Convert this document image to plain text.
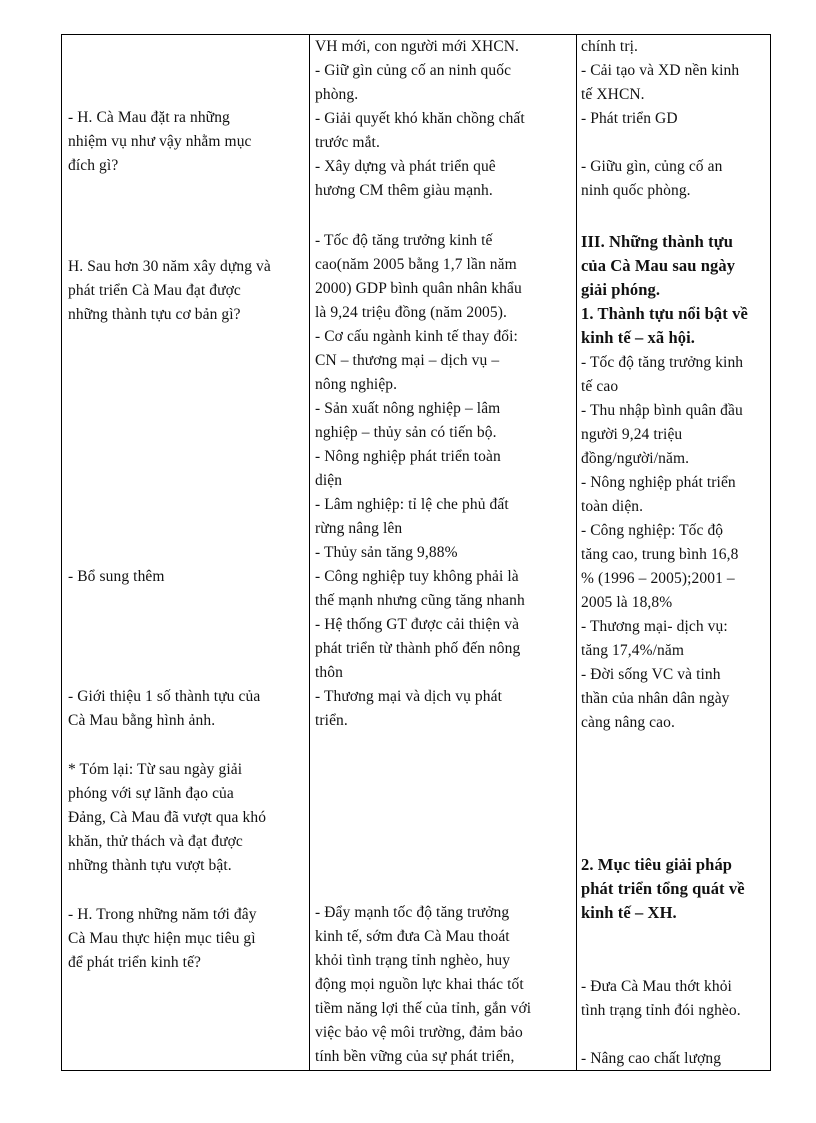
- H. Cà Mau đặt ra những
nhiệm vụ như vậy nhằm mục
đích gì?

H. Sau hơn 30 năm xây dựng và
phát triển Cà Mau đạt được
những thành tựu cơ bản gì?

- Bổ sung thêm

- Giới thiệu 1 số thành tựu của
Cà Mau bằng hình ảnh.

* Tóm lại: Từ sau ngày giải
phóng với sự lãnh đạo của
Đảng, Cà Mau đã vượt qua khó
khăn, thử thách và đạt được
những thành tựu vượt bật.

- H. Trong những năm tới đây
Cà Mau thực hiện mục tiêu gì
để phát triển kinh tế?

VH mới, con người mới XHCN.
- Giữ gìn củng cố an ninh quốc
phòng.
- Giải quyết khó khăn chồng chất
trước mắt.
- Xây dựng và phát triển quê
hương CM thêm giàu mạnh.

- Tốc độ tăng trưởng kinh tế
cao(năm 2005 bằng 1,7 lần năm
2000) GDP bình quân nhân khẩu
là 9,24 triệu đồng (năm 2005).
- Cơ cấu ngành kinh tế thay đổi:
CN – thương mại – dịch vụ –
nông nghiệp.
- Sản xuất nông nghiệp – lâm
nghiệp – thủy sản có tiến bộ.
- Nông nghiệp phát triển toàn
diện
- Lâm nghiệp: tỉ lệ che phủ đất
rừng nâng lên
- Thủy sản tăng 9,88%
- Công nghiệp tuy không phải là
thế mạnh nhưng cũng tăng nhanh
- Hệ thống GT được cải thiện và
phát triển từ thành phố đến nông
thôn
- Thương mại và dịch vụ phát
triển.

- Đẩy mạnh tốc độ tăng trưởng
kinh tế, sớm đưa Cà Mau thoát
khỏi tình trạng tỉnh nghèo, huy
động mọi nguồn lực khai thác tốt
tiềm năng lợi thế của tỉnh, gắn với
việc bảo vệ môi trường, đảm bảo
tính bền vững của sự phát triển,

chính trị.
- Cải tạo và XD nền kinh
tế XHCN.
- Phát triển GD

- Giữu gìn, củng cố an
ninh quốc phòng.

III. Những thành tựu
của Cà Mau sau ngày
giải phóng.
1. Thành tựu nổi bật về
kinh tế – xã hội.

- Tốc độ tăng trưởng kinh
tế cao
- Thu nhập bình quân đầu
người 9,24 triệu
đồng/người/năm.
- Nông nghiệp phát triển
toàn diện.
- Công nghiệp: Tốc độ
tăng cao, trung bình 16,8
% (1996 – 2005);2001 –
2005 là 18,8%
- Thương mại- dịch vụ:
tăng 17,4%/năm
- Đời sống VC và tinh
thần của nhân dân ngày
càng nâng cao.

2. Mục tiêu giải pháp
phát triển tổng quát về
kinh tế – XH.

- Đưa Cà Mau thớt khỏi
tình trạng tỉnh đói nghèo.

- Nâng cao chất lượng
